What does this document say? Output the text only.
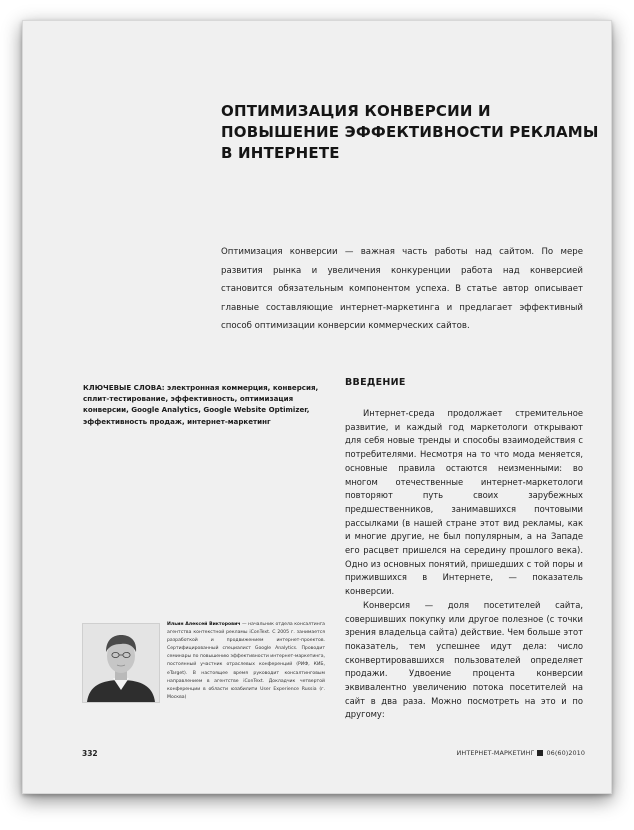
ОПТИМИЗАЦИЯ КОНВЕРСИИ И ПОВЫШЕНИЕ ЭФФЕКТИВНОСТИ РЕКЛАМЫ В ИНТЕРНЕТЕ

Оптимизация конверсии — важная часть работы над сайтом. По мере развития рынка и увеличения конкуренции работа над конверсией становится обязательным компонентом успеха. В статье автор описывает главные составляющие интернет-маркетинга и предлагает эффективный способ оптимизации конверсии коммерческих сайтов.

КЛЮЧЕВЫЕ СЛОВА: электронная коммерция, конверсия, сплит-тестирование, эффективность, оптимизация конверсии, Google Analytics, Google Website Optimizer, эффективность продаж, интернет-маркетинг

ВВЕДЕНИЕ

Интернет-среда продолжает стремительное развитие, и каждый год маркетологи открывают для себя новые тренды и способы взаимодействия с потребителями. Несмотря на то что мода меняется, основные правила остаются неизменными: во многом отечественные интернет-маркетологи повторяют путь своих зарубежных предшественников, занимавшихся почтовыми рассылками (в нашей стране этот вид рекламы, как и многие другие, не был популярным, а на Западе его расцвет пришелся на середину прошлого века). Одно из основных понятий, пришедших с той поры и прижившихся в Интернете, — показатель конверсии.

Конверсия — доля посетителей сайта, совершивших покупку или другое полезное (с точки зрения владельца сайта) действие. Чем больше этот показатель, тем успешнее идут дела: число сконвертировавшихся пользователей определяет продажи. Удвоение процента конверсии эквивалентно увеличению потока посетителей на сайт в два раза. Можно посмотреть на это и по другому:

Ильин Алексей Викторович — начальник отдела консалтинга агентства контекстной рекламы iConText. С 2005 г. занимается разработкой и продвижением интернет-проектов. Сертифицированный специалист Google Analytics. Проводит семинары по повышению эффективности интернет-маркетинга, постоянный участник отраслевых конференций (РИФ, КИБ, eTarget). В настоящее время руководит консалтинговым направлением в агентстве iConText. Докладчик четвертой конференции в области юзабилити User Experience Russia (г. Москва)

332	ИНТЕРНЕТ-МАРКЕТИНГ 06(60)2010
